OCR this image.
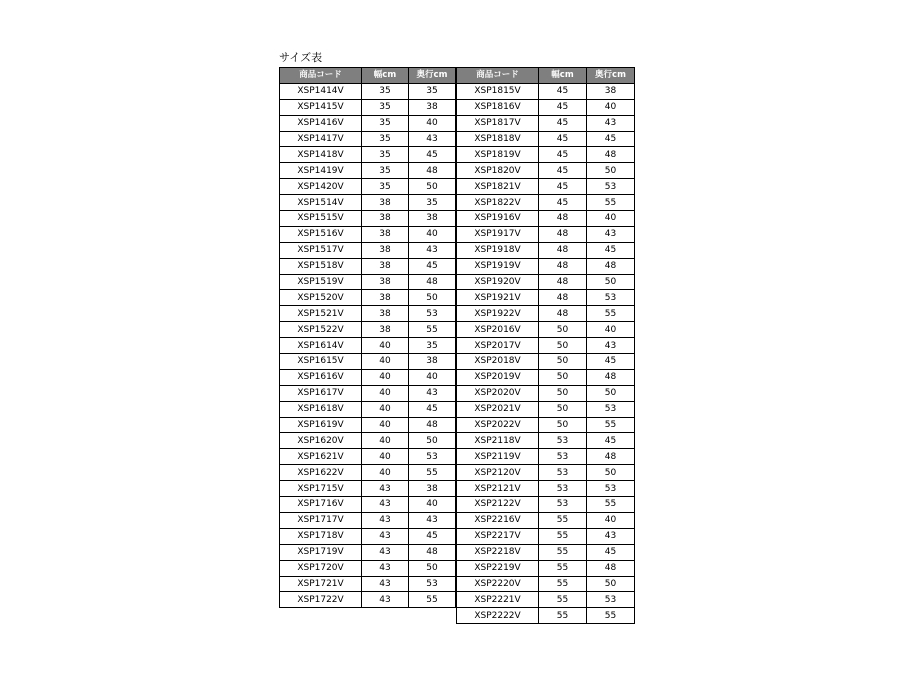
サイズ表
商品コード	幅cm	奥行cm
XSP1414V	35	35
XSP1415V	35	38
XSP1416V	35	40
XSP1417V	35	43
XSP1418V	35	45
XSP1419V	35	48
XSP1420V	35	50
XSP1514V	38	35
XSP1515V	38	38
XSP1516V	38	40
XSP1517V	38	43
XSP1518V	38	45
XSP1519V	38	48
XSP1520V	38	50
XSP1521V	38	53
XSP1522V	38	55
XSP1614V	40	35
XSP1615V	40	38
XSP1616V	40	40
XSP1617V	40	43
XSP1618V	40	45
XSP1619V	40	48
XSP1620V	40	50
XSP1621V	40	53
XSP1622V	40	55
XSP1715V	43	38
XSP1716V	43	40
XSP1717V	43	43
XSP1718V	43	45
XSP1719V	43	48
XSP1720V	43	50
XSP1721V	43	53
XSP1722V	43	55
商品コード	幅cm	奥行cm
XSP1815V	45	38
XSP1816V	45	40
XSP1817V	45	43
XSP1818V	45	45
XSP1819V	45	48
XSP1820V	45	50
XSP1821V	45	53
XSP1822V	45	55
XSP1916V	48	40
XSP1917V	48	43
XSP1918V	48	45
XSP1919V	48	48
XSP1920V	48	50
XSP1921V	48	53
XSP1922V	48	55
XSP2016V	50	40
XSP2017V	50	43
XSP2018V	50	45
XSP2019V	50	48
XSP2020V	50	50
XSP2021V	50	53
XSP2022V	50	55
XSP2118V	53	45
XSP2119V	53	48
XSP2120V	53	50
XSP2121V	53	53
XSP2122V	53	55
XSP2216V	55	40
XSP2217V	55	43
XSP2218V	55	45
XSP2219V	55	48
XSP2220V	55	50
XSP2221V	55	53
XSP2222V	55	55
